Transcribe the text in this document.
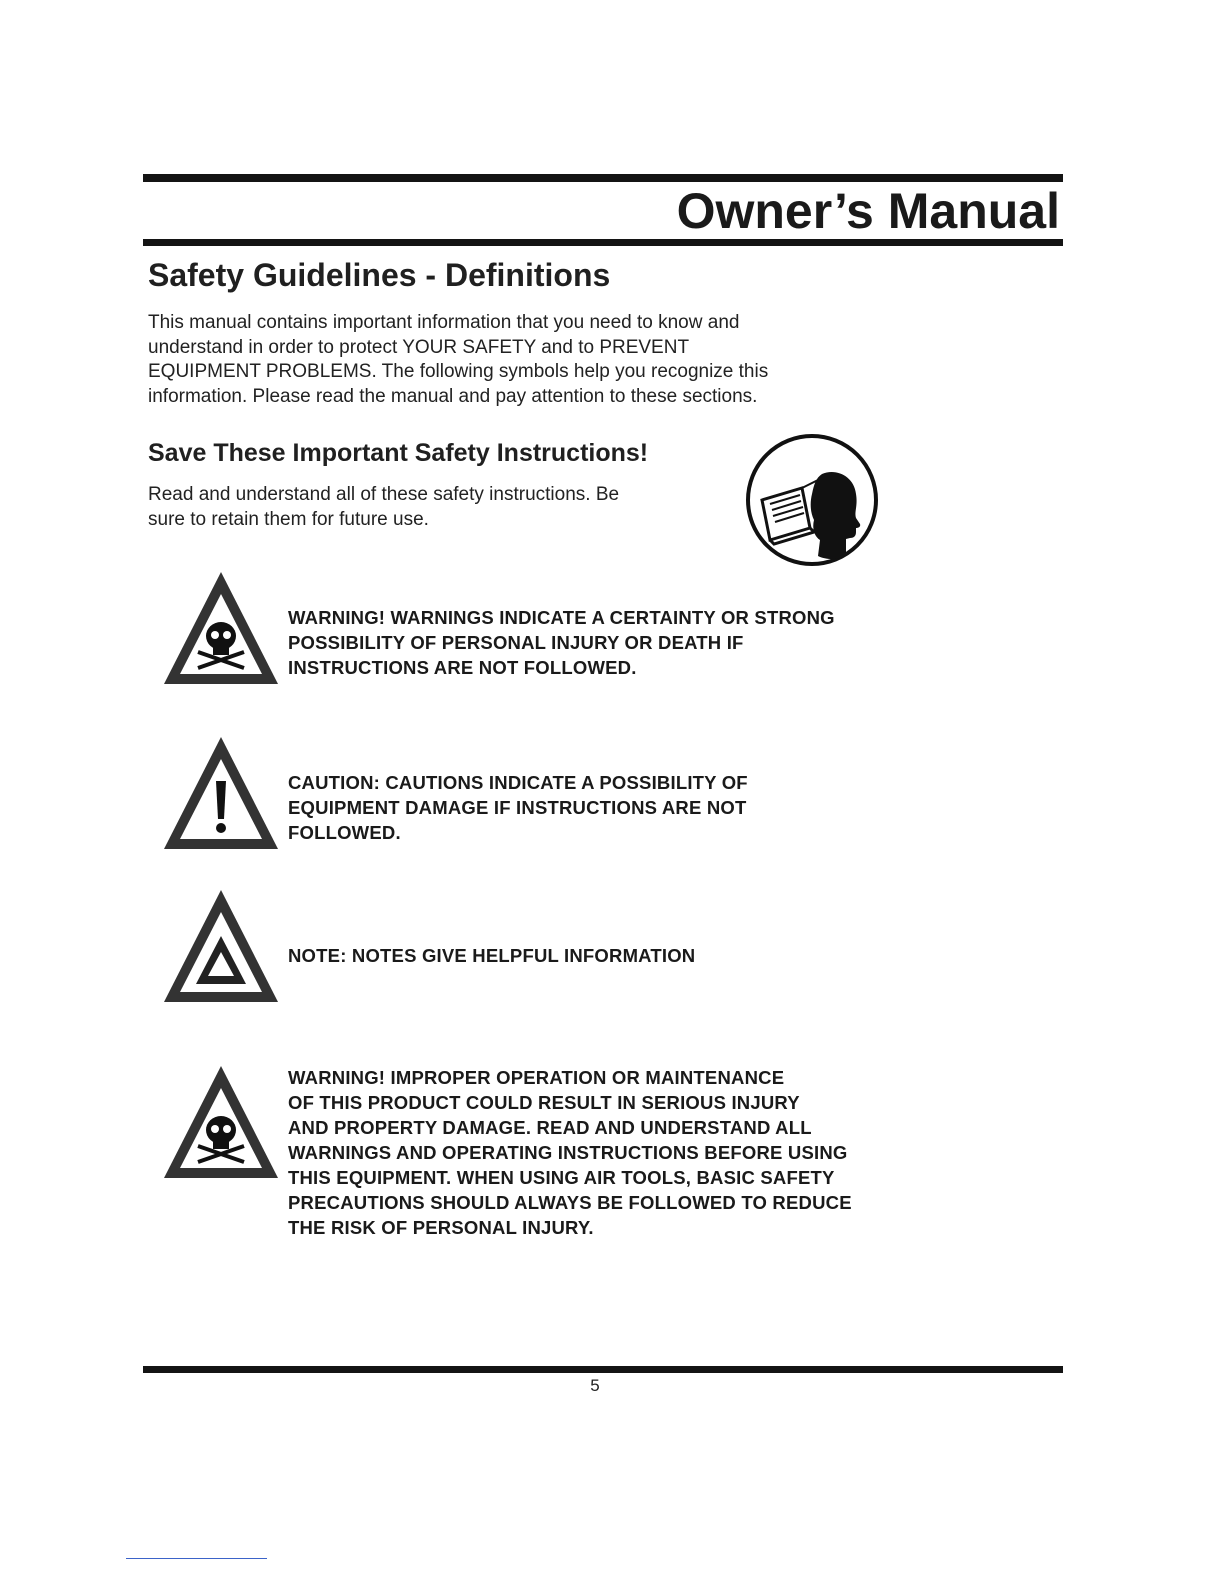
Owner’s Manual
Safety Guidelines - Definitions
This manual contains important information that you need to know and
understand in order to protect YOUR SAFETY and to PREVENT
EQUIPMENT PROBLEMS. The following symbols help you recognize this
information. Please read the manual and pay attention to these sections.
Save These Important Safety Instructions!
Read and understand all of these safety instructions. Be
sure to retain them for future use.
WARNING! WARNINGS INDICATE A CERTAINTY OR STRONG
POSSIBILITY OF PERSONAL INJURY OR DEATH IF
INSTRUCTIONS ARE NOT FOLLOWED.
CAUTION: CAUTIONS INDICATE A POSSIBILITY OF
EQUIPMENT DAMAGE IF INSTRUCTIONS ARE NOT
FOLLOWED.
NOTE: NOTES GIVE HELPFUL INFORMATION
WARNING! IMPROPER OPERATION OR MAINTENANCE
OF THIS PRODUCT COULD RESULT IN SERIOUS INJURY
AND PROPERTY DAMAGE. READ AND UNDERSTAND ALL
WARNINGS AND OPERATING INSTRUCTIONS BEFORE USING
THIS EQUIPMENT. WHEN USING AIR TOOLS, BASIC SAFETY
PRECAUTIONS SHOULD ALWAYS BE FOLLOWED TO REDUCE
THE RISK OF PERSONAL INJURY.
5
